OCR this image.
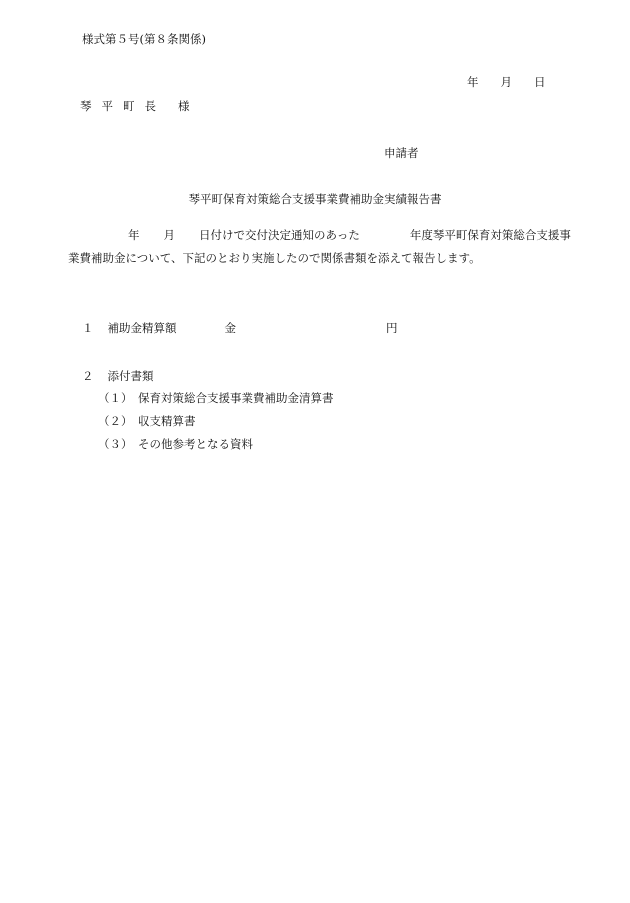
様式第５号(第８条関係)
年 月 日
琴平町長 様
申請者
琴平町保育対策総合支援事業費補助金実績報告書
年 月 日付けで交付決定通知のあった	年度琴平町保育対策総合支援事
業費補助金について、下記のとおり実施したので関係書類を添えて報告します。
１ 補助金精算額	金	円
２ 添付書類
（１） 保育対策総合支援事業費補助金清算書
（２） 収支精算書
（３） その他参考となる資料
